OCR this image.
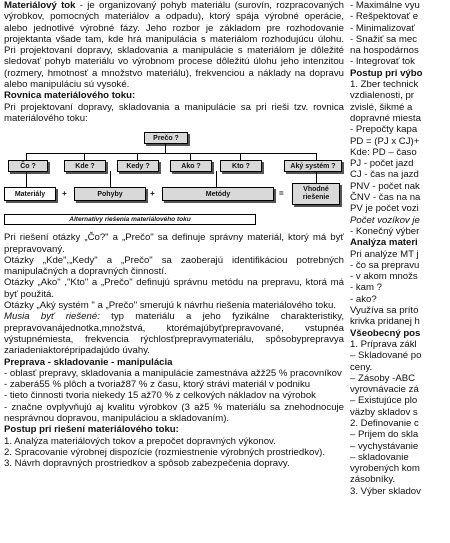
Materiálový tok - je organizovaný pohyb materiálu (surovín, rozpracovaných výrobkov, pomocných materiálov a odpadu), ktorý spája výrobné operácie, alebo jednotlivé výrobné fázy. Jeho rozbor je základom pre rozhodovanie projektanta všade tam, kde hrá manipulácia s materiálom rozhodujúcu úlohu. Pri projektovaní dopravy, skladovania a manipulácie s materiálom je dôležité sledovať pohyb materiálu vo výrobnom procese dôležitú úlohu jeho intenzitou (rozmery, hmotnosť a množstvo materiálu), frekvenciou a náklady na dopravu alebo manipuláciu sú vysoké.

Rovnica materiálového toku:

Pri projektovaní dopravy, skladovania a manipulácie sa pri rieši tzv. rovnica materiálového toku:

Prečo ?
Čo ?	Kde ?	Kedy ?	Ako ?	Kto ?	Aký systém ?
Materiály	+	Pohyby	+	Metódy	=	Vhodné riešenie
Alternatívy riešenia materiálového toku

Pri riešení otázky „Čo?" a „Prečo" sa definuje správny materiál, ktorý má byť prepravovaný.

Otázky „Kde",„Kedy" a „Prečo" sa zaoberajú identifikáciou potrebných manipulačných a dopravných činností.

Otázky „Ako" ,"Kto" a „Prečo" definujú správnu metódu na prepravu, ktorá má byť použitá.

Otázky „Aký systém " a „Prečo" smerujú k návrhu riešenia materiálového toku.

Musia byť riešené: typ materiálu a jeho fyzikálne charakteristiky, prepravovanájednotka,množstvá, ktorémajúbyťprepravované, vstupnéa výstupnémiesta, frekvencia rýchlosťprepravymateriálu, spôsobyprepravya zariadeniaktorépripadajúdo úvahy.

Preprava - skladovanie - manipulácia

- oblasť prepravy, skladovania a manipulácie zamestnáva ažž25 % pracovníkov

- zaberá55 % plôch a tvoriaž87 % z času, ktorý strávi materiál v podniku

- tieto činnosti tvoria niekedy 15 až70 % z celkových nákladov na výrobok

- značne ovplyvňujú aj kvalitu výrobkov (3 až5 % materiálu sa znehodnocuje nesprávnou dopravou, manipuláciou a skladovaním).

Postup pri riešení materiálového toku:

1. Analýza materiálových tokov a prepočet dopravných výkonov.

2. Spracovanie výrobnej dispozície (rozmiestnenie výrobných prostriedkov).

3. Návrh dopravných prostriedkov a spôsob zabezpečenia dopravy.

- Maximálne vyu
- Rešpektovať e
- Minimalizovať
- Snažiť sa mec
na hospodárnos
- Integrovať tok
Postup pri výbo
1. Zber technick
vzdialenosti, pr
zvislé, šikmé a
dopravné miesta
- Prepočty kapa
PD = (PJ x CJ)+
Kde: PD – časo
PJ - počet jazd
CJ - čas na jazd
PNV - počet nak
ČNV - čas na na
PV je počet vozi
Počet vozíkov je
- Konečný výber
Analýza materi
Pri analýze MT j
- čo sa prepravu
- v akom množs
- kam ?
- ako?
Využíva sa príto
krivka pridanej h
Všeobecný pos
1. Príprava zákl
– Skladované po
ceny.
– Zásoby -ABC
vyrovnávacie zá
– Existujúce plo
väzby skladov s
2. Definovanie c
– Prijem do skla
– vychystávanie
– skladovanie
vyrobených kom
zásobníky.
3. Výber skladov
